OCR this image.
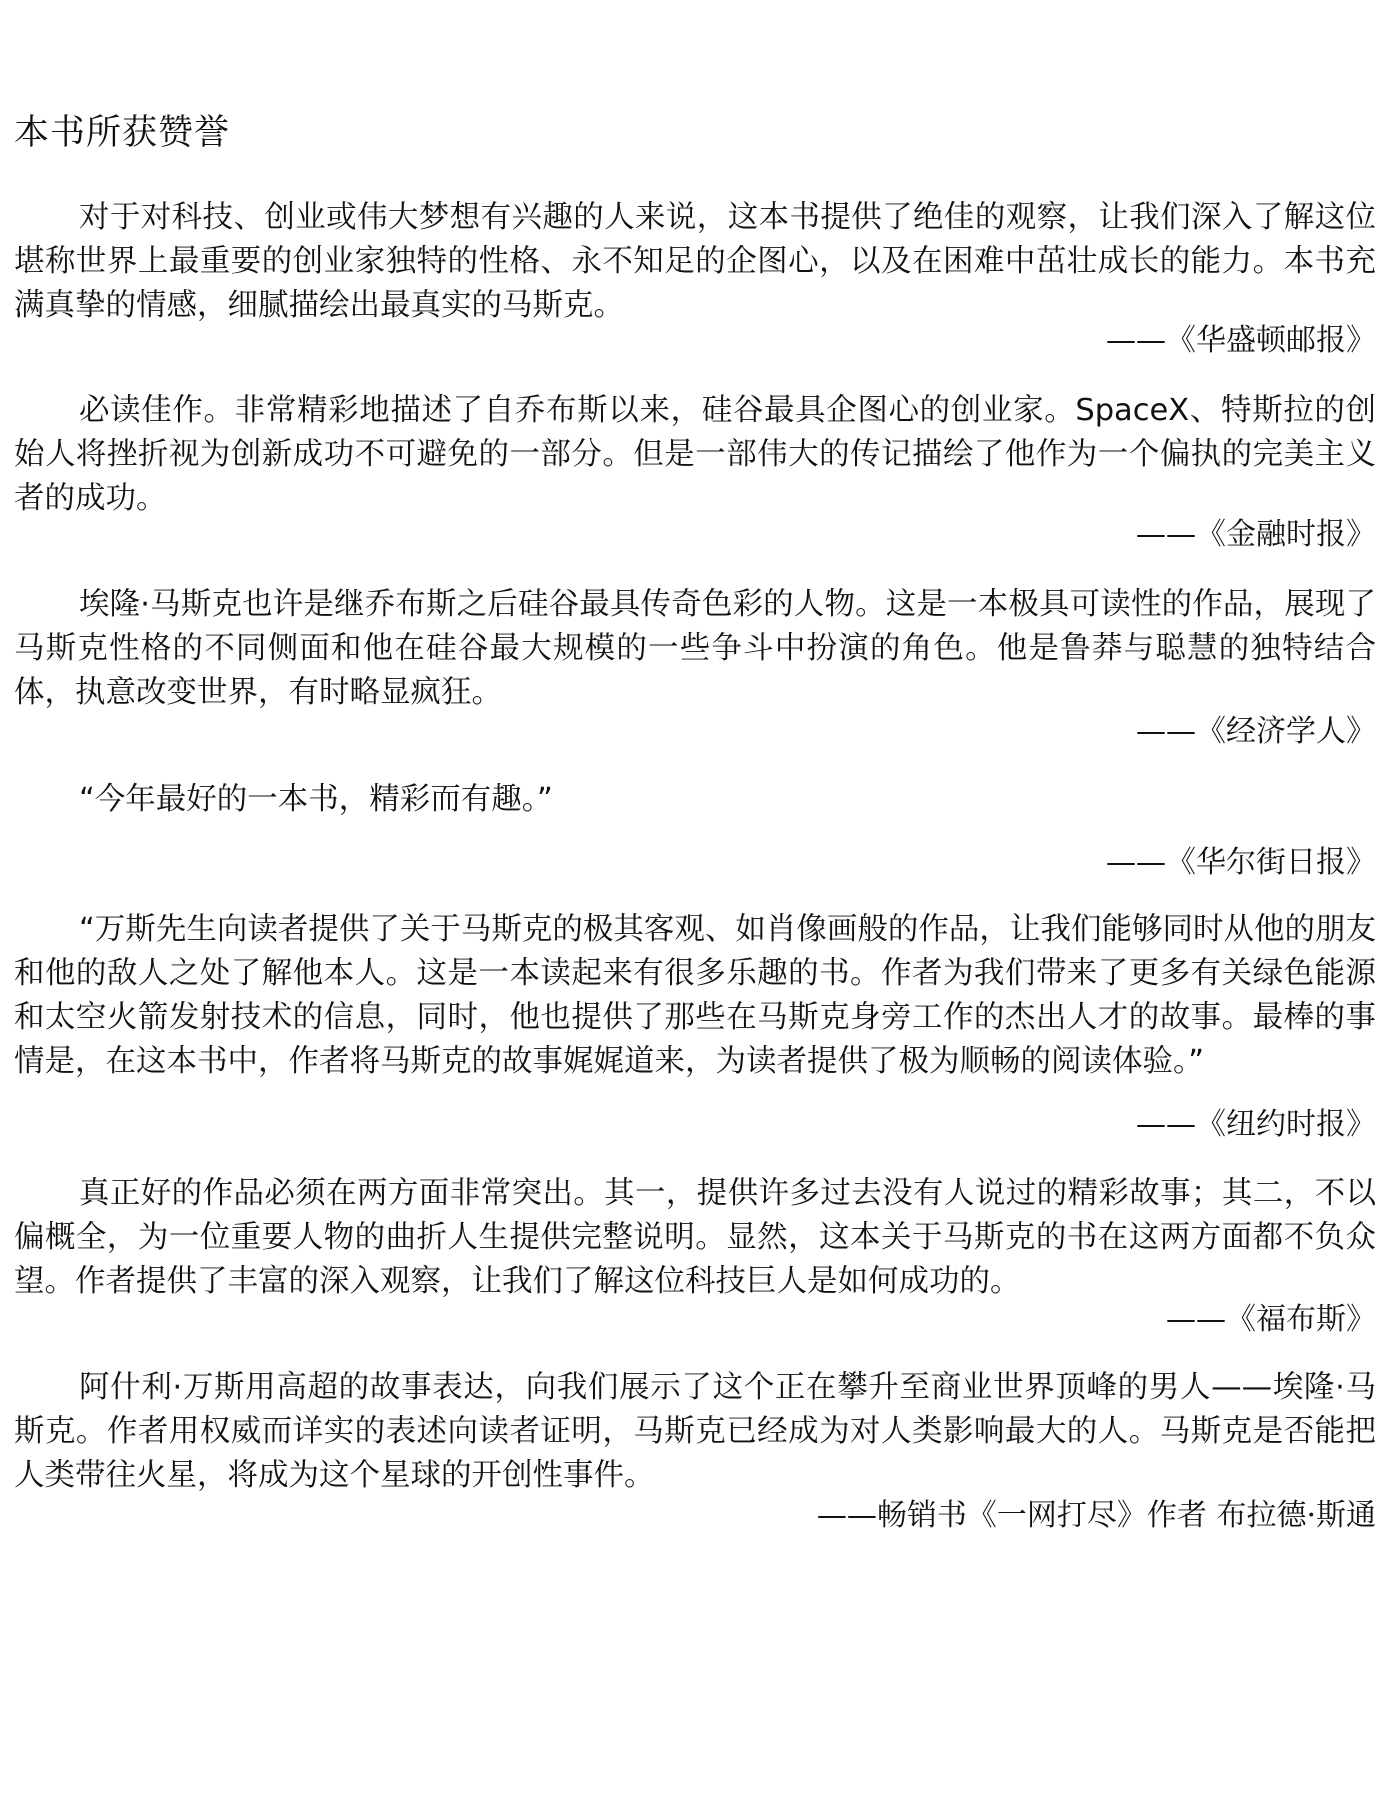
本书所获赞誉

对于对科技、创业或伟大梦想有兴趣的人来说，这本书提供了绝佳的观察，让我们深入了解这位堪称世界上最重要的创业家独特的性格、永不知足的企图心，以及在困难中茁壮成长的能力。本书充满真挚的情感，细腻描绘出最真实的马斯克。

——《华盛顿邮报》

必读佳作。非常精彩地描述了自乔布斯以来，硅谷最具企图心的创业家。SpaceX、特斯拉的创始人将挫折视为创新成功不可避免的一部分。但是一部伟大的传记描绘了他作为一个偏执的完美主义者的成功。

——《金融时报》

埃隆·马斯克也许是继乔布斯之后硅谷最具传奇色彩的人物。这是一本极具可读性的作品，展现了马斯克性格的不同侧面和他在硅谷最大规模的一些争斗中扮演的角色。他是鲁莽与聪慧的独特结合体，执意改变世界，有时略显疯狂。

——《经济学人》

“今年最好的一本书，精彩而有趣。”

——《华尔街日报》

“万斯先生向读者提供了关于马斯克的极其客观、如肖像画般的作品，让我们能够同时从他的朋友和他的敌人之处了解他本人。这是一本读起来有很多乐趣的书。作者为我们带来了更多有关绿色能源和太空火箭发射技术的信息，同时，他也提供了那些在马斯克身旁工作的杰出人才的故事。最棒的事情是，在这本书中，作者将马斯克的故事娓娓道来，为读者提供了极为顺畅的阅读体验。”

——《纽约时报》

真正好的作品必须在两方面非常突出。其一，提供许多过去没有人说过的精彩故事；其二，不以偏概全，为一位重要人物的曲折人生提供完整说明。显然，这本关于马斯克的书在这两方面都不负众望。作者提供了丰富的深入观察，让我们了解这位科技巨人是如何成功的。

——《福布斯》

阿什利·万斯用高超的故事表达，向我们展示了这个正在攀升至商业世界顶峰的男人——埃隆·马斯克。作者用权威而详实的表述向读者证明，马斯克已经成为对人类影响最大的人。马斯克是否能把人类带往火星，将成为这个星球的开创性事件。

——畅销书《一网打尽》作者 布拉德·斯通
